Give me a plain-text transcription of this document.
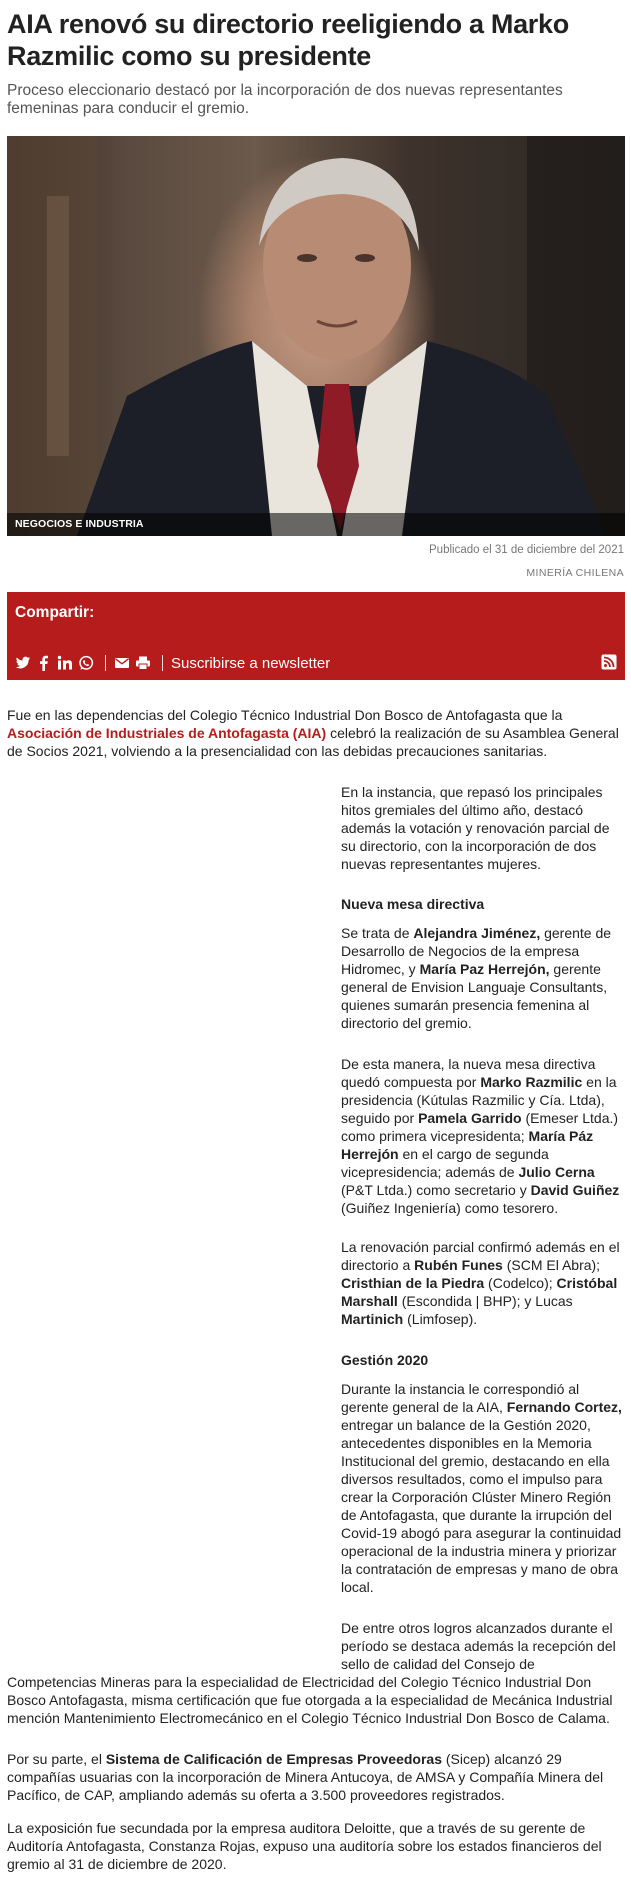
AIA renovó su directorio reeligiendo a Marko Razmilic como su presidente

Proceso eleccionario destacó por la incorporación de dos nuevas representantes femeninas para conducir el gremio.

NEGOCIOS E INDUSTRIA
Publicado el 31 de diciembre del 2021
MINERÍA CHILENA
Compartir:
Suscribirse a newsletter

Fue en las dependencias del Colegio Técnico Industrial Don Bosco de Antofagasta que la Asociación de Industriales de Antofagasta (AIA) celebró la realización de su Asamblea General de Socios 2021, volviendo a la presencialidad con las debidas precauciones sanitarias.

En la instancia, que repasó los principales hitos gremiales del último año, destacó además la votación y renovación parcial de su directorio, con la incorporación de dos nuevas representantes mujeres.

Nueva mesa directiva

Se trata de Alejandra Jiménez, gerente de Desarrollo de Negocios de la empresa Hidromec, y María Paz Herrejón, gerente general de Envision Languaje Consultants, quienes sumarán presencia femenina al directorio del gremio.

De esta manera, la nueva mesa directiva quedó compuesta por Marko Razmilic en la presidencia (Kútulas Razmilic y Cía. Ltda), seguido por Pamela Garrido (Emeser Ltda.) como primera vicepresidenta; María Páz Herrejón en el cargo de segunda vicepresidencia; además de Julio Cerna (P&T Ltda.) como secretario y David Guiñez (Guiñez Ingeniería) como tesorero.

La renovación parcial confirmó además en el directorio a Rubén Funes (SCM El Abra); Cristhian de la Piedra (Codelco); Cristóbal Marshall (Escondida | BHP); y Lucas Martinich (Limfosep).

Gestión 2020

Durante la instancia le correspondió al gerente general de la AIA, Fernando Cortez, entregar un balance de la Gestión 2020, antecedentes disponibles en la Memoria Institucional del gremio, destacando en ella diversos resultados, como el impulso para crear la Corporación Clúster Minero Región de Antofagasta, que durante la irrupción del Covid-19 abogó para asegurar la continuidad operacional de la industria minera y priorizar la contratación de empresas y mano de obra local.

De entre otros logros alcanzados durante el período se destaca además la recepción del sello de calidad del Consejo de

Competencias Mineras para la especialidad de Electricidad del Colegio Técnico Industrial Don Bosco Antofagasta, misma certificación que fue otorgada a la especialidad de Mecánica Industrial mención Mantenimiento Electromecánico en el Colegio Técnico Industrial Don Bosco de Calama.

Por su parte, el Sistema de Calificación de Empresas Proveedoras (Sicep) alcanzó 29 compañías usuarias con la incorporación de Minera Antucoya, de AMSA y Compañía Minera del Pacífico, de CAP, ampliando además su oferta a 3.500 proveedores registrados.

La exposición fue secundada por la empresa auditora Deloitte, que a través de su gerente de Auditoría Antofagasta, Constanza Rojas, expuso una auditoría sobre los estados financieros del gremio al 31 de diciembre de 2020.
